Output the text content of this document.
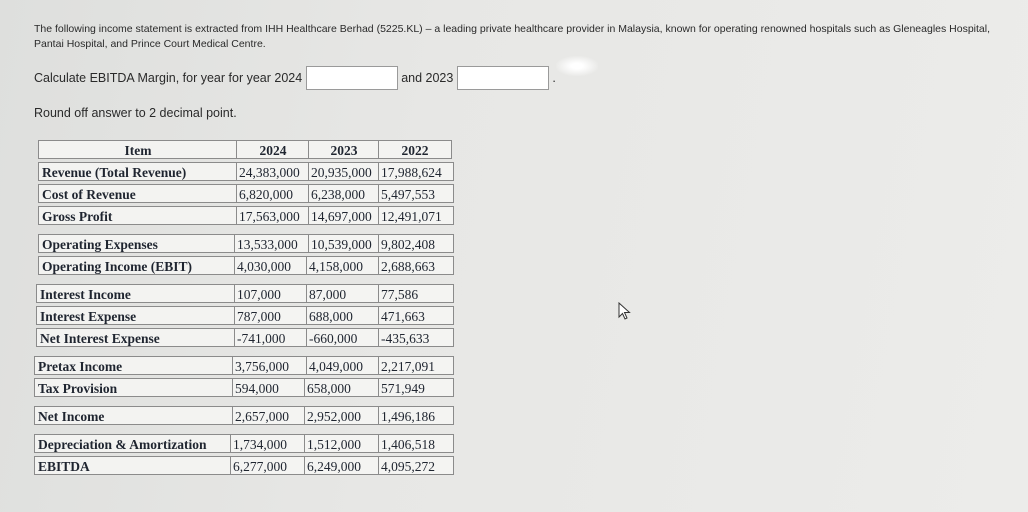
The following income statement is extracted from IHH Healthcare Berhad (5225.KL) – a leading private healthcare provider in Malaysia, known for operating renowned hospitals such as Gleneagles Hospital, Pantai Hospital, and Prince Court Medical Centre.
Calculate EBITDA Margin, for year for year 2024	and 2023	.
Round off answer to 2 decimal point.
Item	2024	2023	2022
Revenue (Total Revenue)	24,383,000 20,935,000 17,988,624
Cost of Revenue	6,820,000	6,238,000	5,497,553
Gross Profit	17,563,000 14,697,000 12,491,071
Operating Expenses	13,533,000 10,539,000 9,802,408
Operating Income (EBIT)	4,030,000	4,158,000	2,688,663
Interest Income	107,000	87,000	77,586
Interest Expense	787,000	688,000	471,663
Net Interest Expense	-741,000	-660,000	-435,633
Pretax Income	3,756,000	4,049,000	2,217,091
Tax Provision	594,000	658,000	571,949
Net Income	2,657,000	2,952,000	1,496,186
Depreciation & Amortization	1,734,000	1,512,000	1,406,518
EBITDA	6,277,000	6,249,000	4,095,272
